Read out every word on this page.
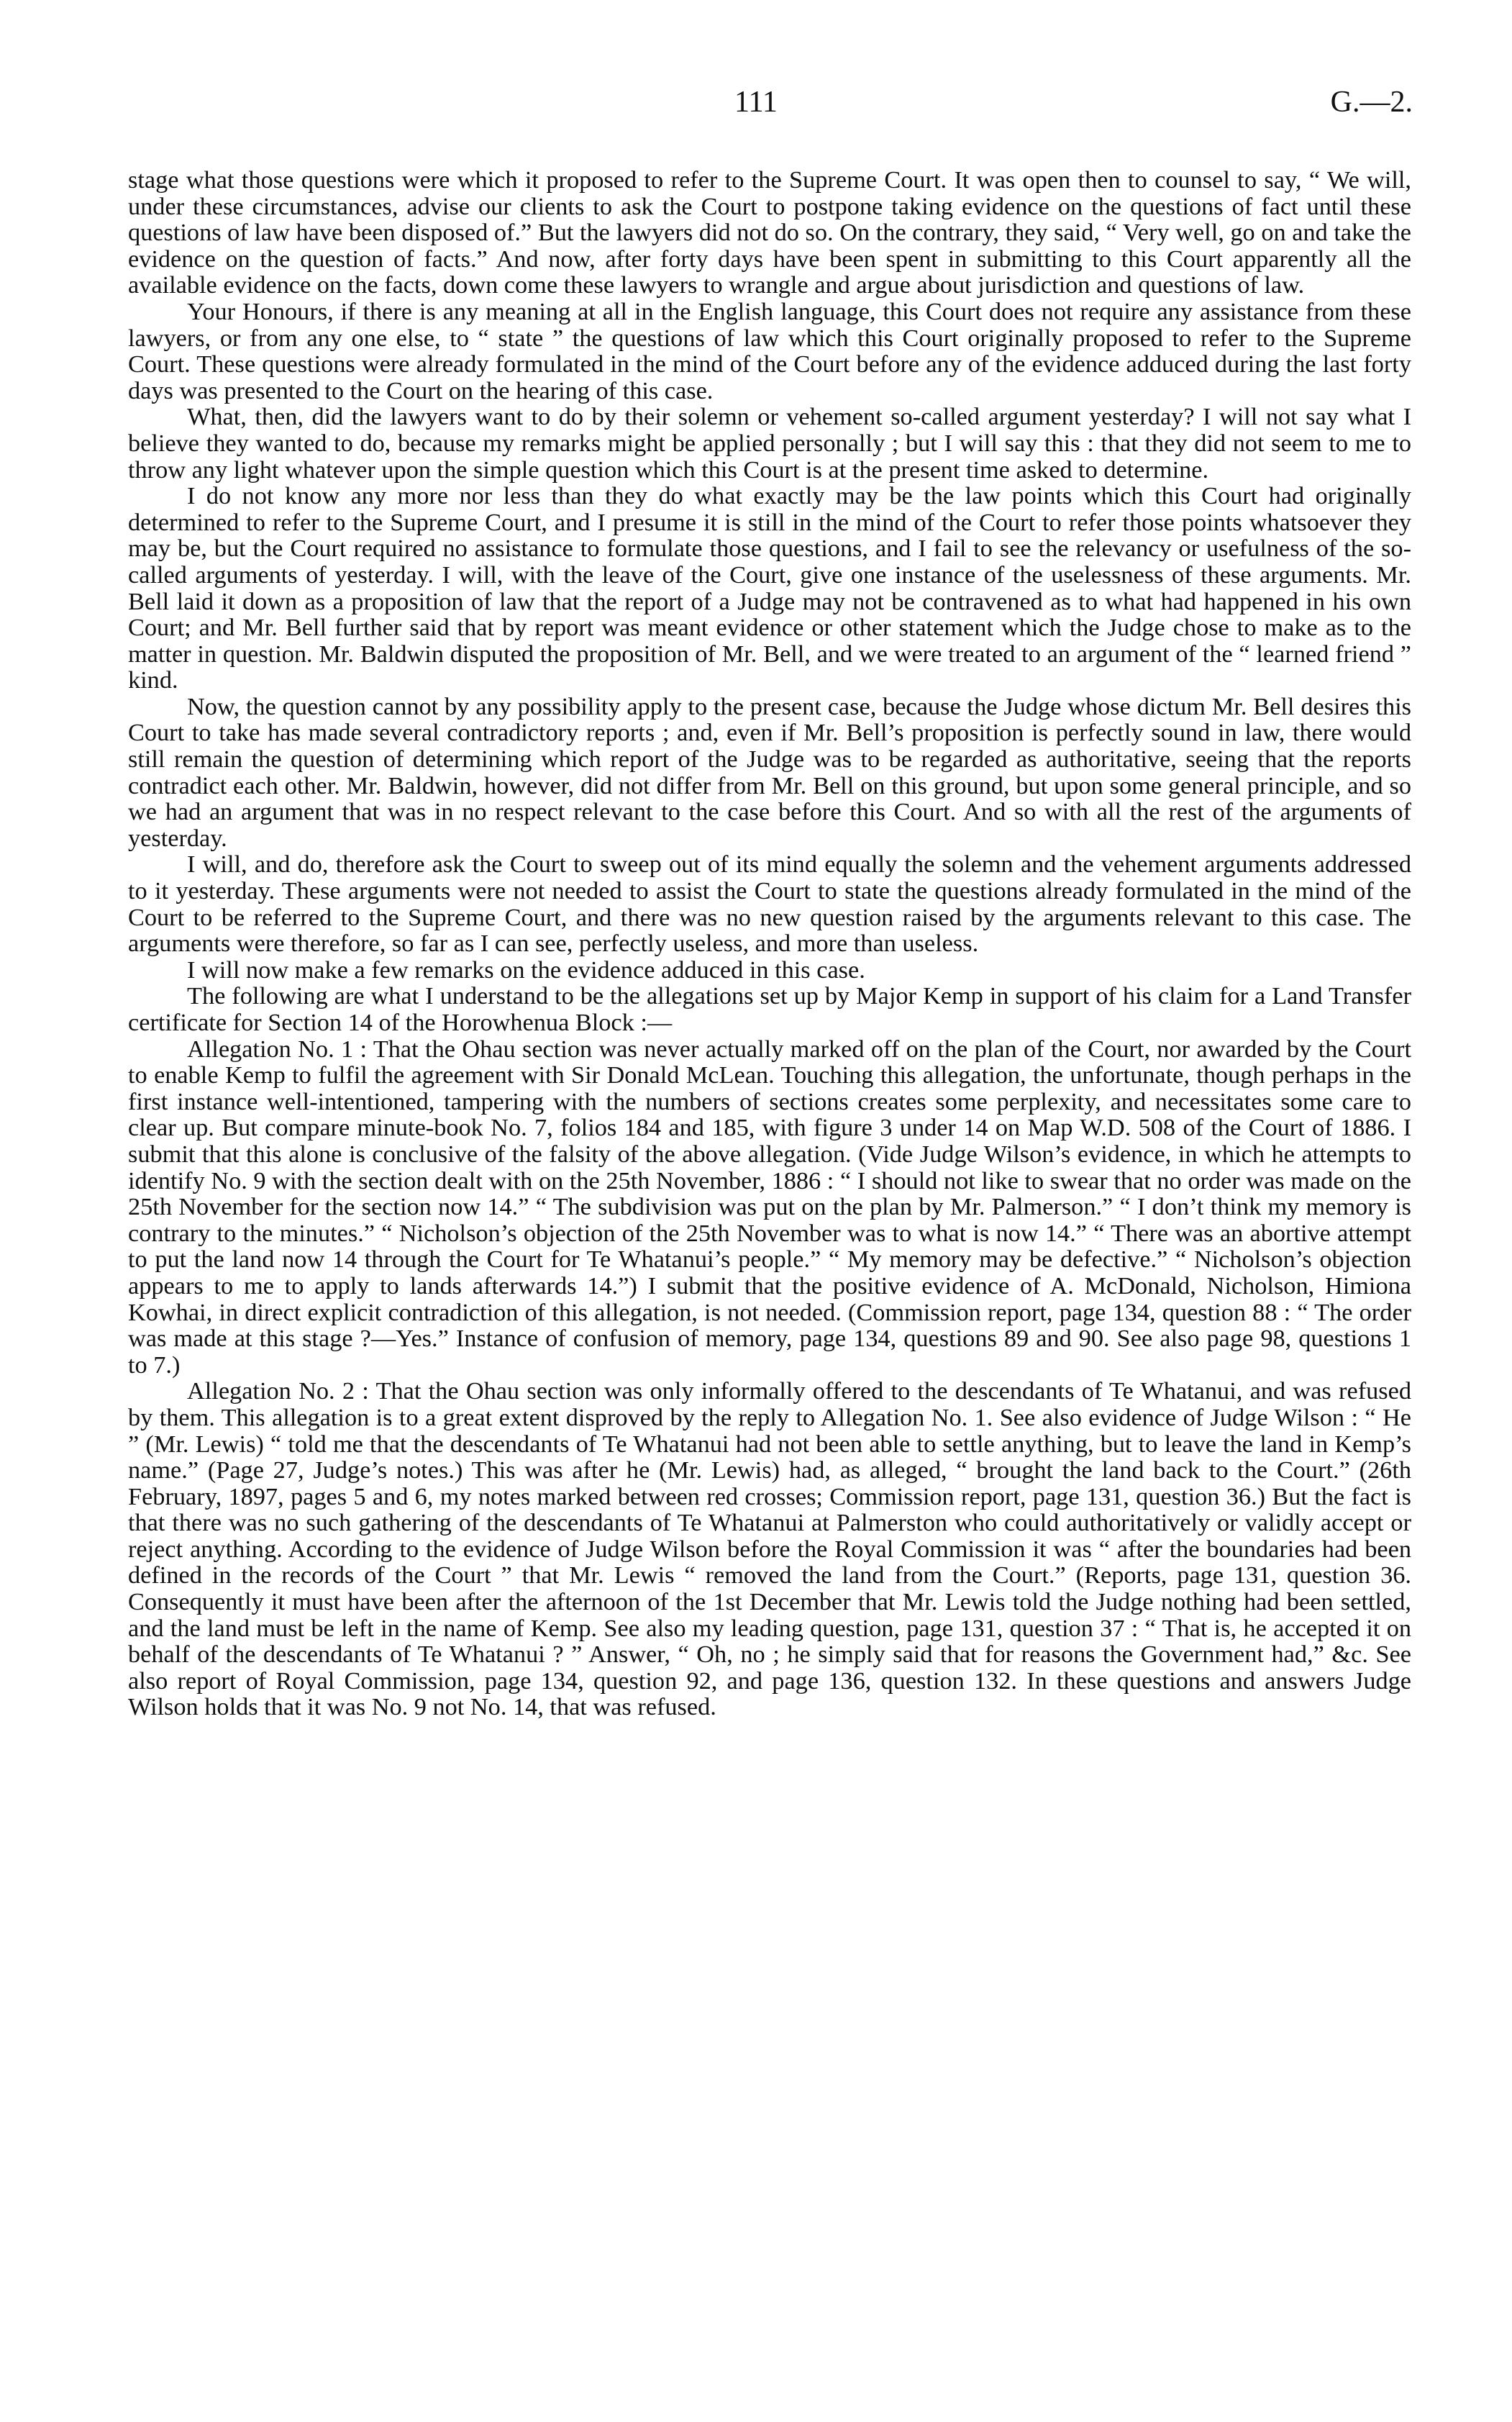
111	G.—2.

stage what those questions were which it proposed to refer to the Supreme Court. It was open then to counsel to say, “ We will, under these circumstances, advise our clients to ask the Court to postpone taking evidence on the questions of fact until these questions of law have been disposed of.” But the lawyers did not do so. On the contrary, they said, “ Very well, go on and take the evidence on the question of facts.” And now, after forty days have been spent in submitting to this Court apparently all the available evidence on the facts, down come these lawyers to wrangle and argue about jurisdiction and questions of law.

Your Honours, if there is any meaning at all in the English language, this Court does not require any assistance from these lawyers, or from any one else, to “ state ” the questions of law which this Court originally proposed to refer to the Supreme Court. These questions were already formulated in the mind of the Court before any of the evidence adduced during the last forty days was presented to the Court on the hearing of this case.

What, then, did the lawyers want to do by their solemn or vehement so-called argument yesterday? I will not say what I believe they wanted to do, because my remarks might be applied personally ; but I will say this : that they did not seem to me to throw any light whatever upon the simple question which this Court is at the present time asked to determine.

I do not know any more nor less than they do what exactly may be the law points which this Court had originally determined to refer to the Supreme Court, and I presume it is still in the mind of the Court to refer those points whatsoever they may be, but the Court required no assistance to formulate those questions, and I fail to see the relevancy or usefulness of the so-called arguments of yesterday. I will, with the leave of the Court, give one instance of the uselessness of these arguments. Mr. Bell laid it down as a proposition of law that the report of a Judge may not be contravened as to what had happened in his own Court; and Mr. Bell further said that by report was meant evidence or other statement which the Judge chose to make as to the matter in question. Mr. Baldwin disputed the proposition of Mr. Bell, and we were treated to an argument of the “ learned friend ” kind.

Now, the question cannot by any possibility apply to the present case, because the Judge whose dictum Mr. Bell desires this Court to take has made several contradictory reports ; and, even if Mr. Bell’s proposition is perfectly sound in law, there would still remain the question of determining which report of the Judge was to be regarded as authoritative, seeing that the reports contradict each other. Mr. Baldwin, however, did not differ from Mr. Bell on this ground, but upon some general principle, and so we had an argument that was in no respect relevant to the case before this Court. And so with all the rest of the arguments of yesterday.

I will, and do, therefore ask the Court to sweep out of its mind equally the solemn and the vehement arguments addressed to it yesterday. These arguments were not needed to assist the Court to state the questions already formulated in the mind of the Court to be referred to the Supreme Court, and there was no new question raised by the arguments relevant to this case. The arguments were therefore, so far as I can see, perfectly useless, and more than useless.

I will now make a few remarks on the evidence adduced in this case.

The following are what I understand to be the allegations set up by Major Kemp in support of his claim for a Land Transfer certificate for Section 14 of the Horowhenua Block :—

Allegation No. 1 : That the Ohau section was never actually marked off on the plan of the Court, nor awarded by the Court to enable Kemp to fulfil the agreement with Sir Donald McLean. Touching this allegation, the unfortunate, though perhaps in the first instance well-intentioned, tampering with the numbers of sections creates some perplexity, and necessitates some care to clear up. But compare minute-book No. 7, folios 184 and 185, with figure 3 under 14 on Map W.D. 508 of the Court of 1886. I submit that this alone is conclusive of the falsity of the above allegation. (Vide Judge Wilson’s evidence, in which he attempts to identify No. 9 with the section dealt with on the 25th November, 1886 : “ I should not like to swear that no order was made on the 25th November for the section now 14.” “ The subdivision was put on the plan by Mr. Palmerson.” “ I don’t think my memory is contrary to the minutes.” “ Nicholson’s objection of the 25th November was to what is now 14.” “ There was an abortive attempt to put the land now 14 through the Court for Te Whatanui’s people.” “ My memory may be defective.” “ Nicholson’s objection appears to me to apply to lands afterwards 14.”) I submit that the positive evidence of A. McDonald, Nicholson, Himiona Kowhai, in direct explicit contradiction of this allegation, is not needed. (Commission report, page 134, question 88 : “ The order was made at this stage ?—Yes.” Instance of confusion of memory, page 134, questions 89 and 90. See also page 98, questions 1 to 7.)

Allegation No. 2 : That the Ohau section was only informally offered to the descendants of Te Whatanui, and was refused by them. This allegation is to a great extent disproved by the reply to Allegation No. 1. See also evidence of Judge Wilson : “ He ” (Mr. Lewis) “ told me that the descendants of Te Whatanui had not been able to settle anything, but to leave the land in Kemp’s name.” (Page 27, Judge’s notes.) This was after he (Mr. Lewis) had, as alleged, “ brought the land back to the Court.” (26th February, 1897, pages 5 and 6, my notes marked between red crosses; Commission report, page 131, question 36.) But the fact is that there was no such gathering of the descendants of Te Whatanui at Palmerston who could authoritatively or validly accept or reject anything. According to the evidence of Judge Wilson before the Royal Commission it was “ after the boundaries had been defined in the records of the Court ” that Mr. Lewis “ removed the land from the Court.” (Reports, page 131, question 36. Consequently it must have been after the afternoon of the 1st December that Mr. Lewis told the Judge nothing had been settled, and the land must be left in the name of Kemp. See also my leading question, page 131, question 37 : “ That is, he accepted it on behalf of the descendants of Te Whatanui ? ” Answer, “ Oh, no ; he simply said that for reasons the Government had,” &c. See also report of Royal Commission, page 134, question 92, and page 136, question 132. In these questions and answers Judge Wilson holds that it was No. 9 not No. 14, that was refused.
